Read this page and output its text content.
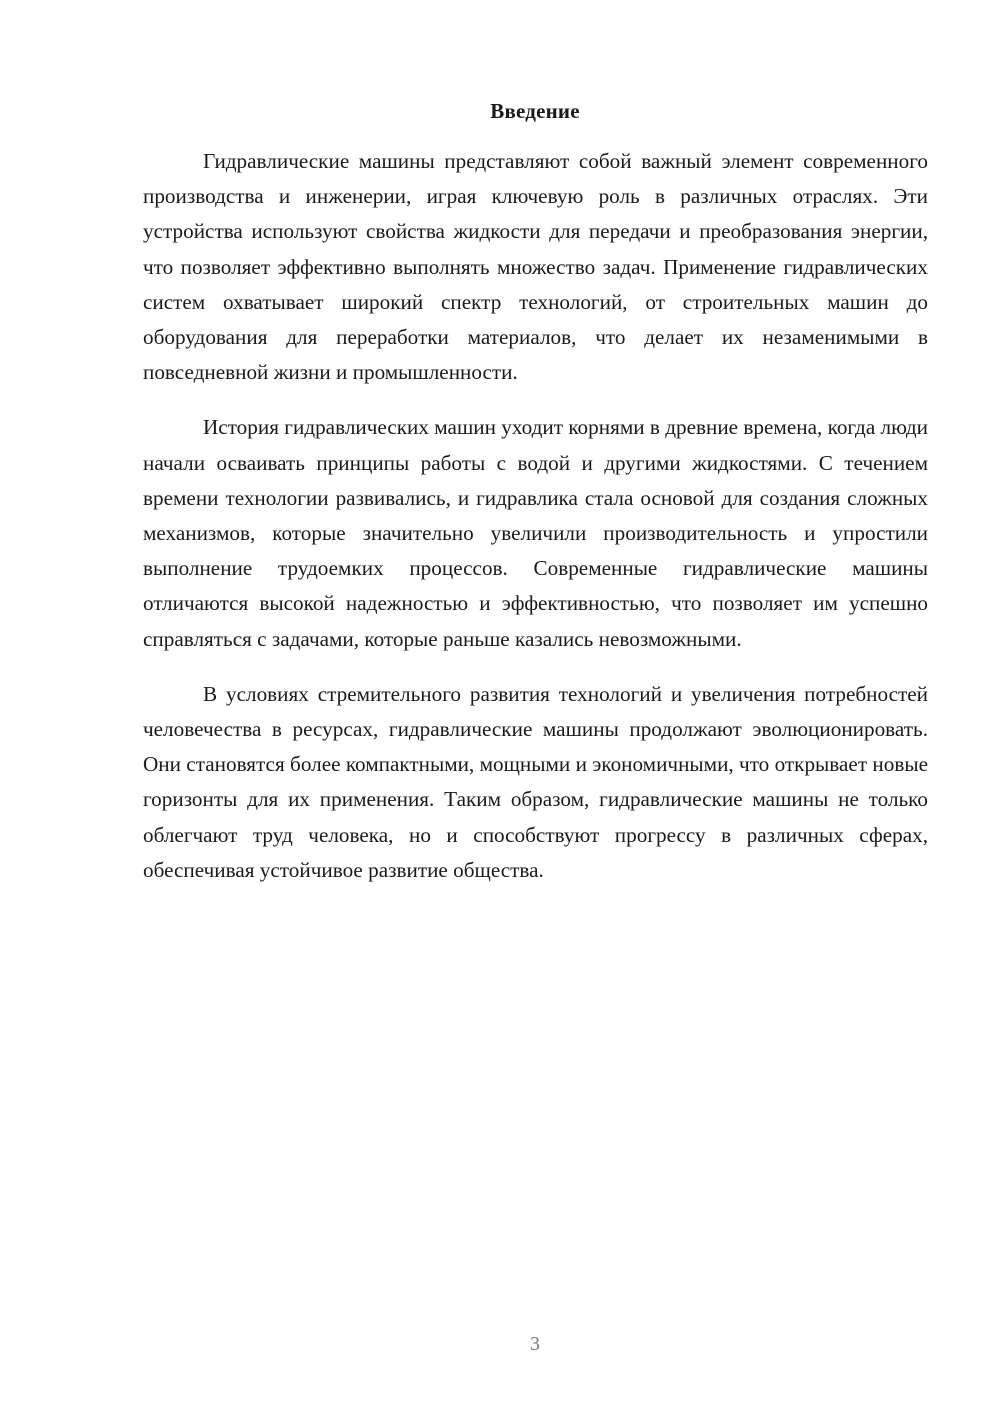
Введение

Гидравлические машины представляют собой важный элемент современного производства и инженерии, играя ключевую роль в различных отраслях. Эти устройства используют свойства жидкости для передачи и преобразования энергии, что позволяет эффективно выполнять множество задач. Применение гидравлических систем охватывает широкий спектр технологий, от строительных машин до оборудования для переработки материалов, что делает их незаменимыми в повседневной жизни и промышленности.

История гидравлических машин уходит корнями в древние времена, когда люди начали осваивать принципы работы с водой и другими жидкостями. С течением времени технологии развивались, и гидравлика стала основой для создания сложных механизмов, которые значительно увеличили производительность и упростили выполнение трудоемких процессов. Современные гидравлические машины отличаются высокой надежностью и эффективностью, что позволяет им успешно справляться с задачами, которые раньше казались невозможными.

В условиях стремительного развития технологий и увеличения потребностей человечества в ресурсах, гидравлические машины продолжают эволюционировать. Они становятся более компактными, мощными и экономичными, что открывает новые горизонты для их применения. Таким образом, гидравлические машины не только облегчают труд человека, но и способствуют прогрессу в различных сферах, обеспечивая устойчивое развитие общества.

3
